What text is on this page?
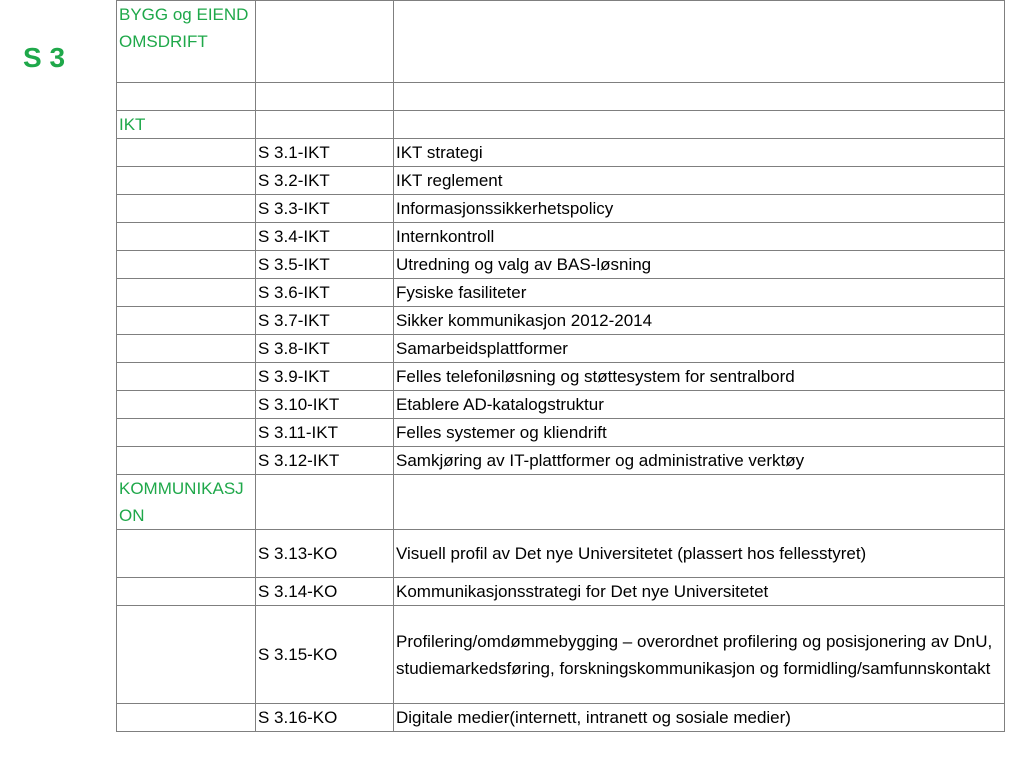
S 3
BYGG og EIENDOMSDRIFT		

IKT		
	S 3.1-IKT	IKT strategi
	S 3.2-IKT	IKT reglement
	S 3.3-IKT	Informasjonssikkerhetspolicy
	S 3.4-IKT	Internkontroll
	S 3.5-IKT	Utredning og valg av BAS-løsning
	S 3.6-IKT	Fysiske fasiliteter
	S 3.7-IKT	Sikker kommunikasjon 2012-2014
	S 3.8-IKT	Samarbeidsplattformer
	S 3.9-IKT	Felles telefoniløsning og støttesystem for sentralbord
	S 3.10-IKT	Etablere AD-katalogstruktur
	S 3.11-IKT	Felles systemer og kliendrift
	S 3.12-IKT	Samkjøring av IT-plattformer og administrative verktøy
KOMMUNIKASJON		
	S 3.13-KO	Visuell profil av Det nye Universitetet (plassert hos fellesstyret)
	S 3.14-KO	Kommunikasjonsstrategi for Det nye Universitetet
	S 3.15-KO	Profilering/omdømmebygging – overordnet profilering og posisjonering av DnU, studiemarkedsføring, forskningskommunikasjon og formidling/samfunnskontakt
	S 3.16-KO	Digitale medier(internett, intranett og sosiale medier)
